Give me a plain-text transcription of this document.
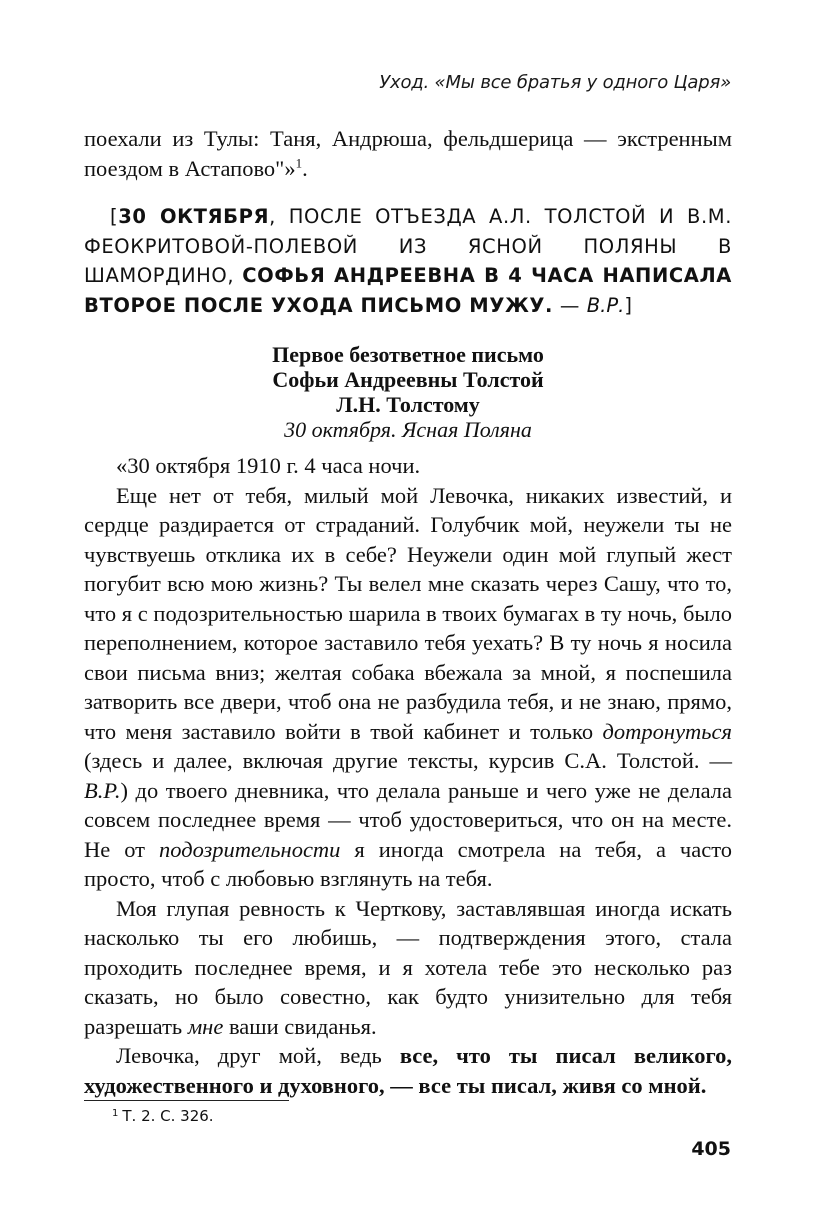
Уход. «Мы все братья у одного Царя»

поехали из Тулы: Таня, Андрюша, фельдшерица — экстренным поездом в Астапово"»$^1$.

[30 ОКТЯБРЯ, ПОСЛЕ ОТЪЕЗДА А.Л. ТОЛСТОЙ И В.М. ФЕОКРИТОВОЙ-ПОЛЕВОЙ ИЗ ЯСНОЙ ПОЛЯНЫ В ШАМОРДИНО, СОФЬЯ АНДРЕЕВНА В 4 ЧАСА НАПИСАЛА ВТОРОЕ ПОСЛЕ УХОДА ПИСЬМО МУЖУ. — В.Р.]

Первое безответное письмо
Софьи Андреевны Толстой
Л.Н. Толстому
30 октября. Ясная Поляна

«30 октября 1910 г. 4 часа ночи.

Еще нет от тебя, милый мой Левочка, никаких известий, и сердце раздирается от страданий. Голубчик мой, неужели ты не чувствуешь отклика их в себе? Неужели один мой глупый жест погубит всю мою жизнь? Ты велел мне сказать через Сашу, что то, что я с подозрительностью шарила в твоих бумагах в ту ночь, было переполнением, которое заставило тебя уехать? В ту ночь я носила свои письма вниз; желтая собака вбежала за мной, я поспешила затворить все двери, чтоб она не разбудила тебя, и не знаю, прямо, что меня заставило войти в твой кабинет и только дотронуться (здесь и далее, включая другие тексты, курсив С.А. Толстой. — В.Р.) до твоего дневника, что делала раньше и чего уже не делала совсем последнее время — чтоб удостовериться, что он на месте. Не от подозрительности я иногда смотрела на тебя, а часто просто, чтоб с любовью взглянуть на тебя.

Моя глупая ревность к Черткову, заставлявшая иногда искать насколько ты его любишь, — подтверждения этого, стала проходить последнее время, и я хотела тебе это несколько раз сказать, но было совестно, как будто унизительно для тебя разрешать мне ваши свиданья.

Левочка, друг мой, ведь все, что ты писал великого, художественного и духовного, — все ты писал, живя со мной.

$^1$ Т. 2. С. 326.
405
